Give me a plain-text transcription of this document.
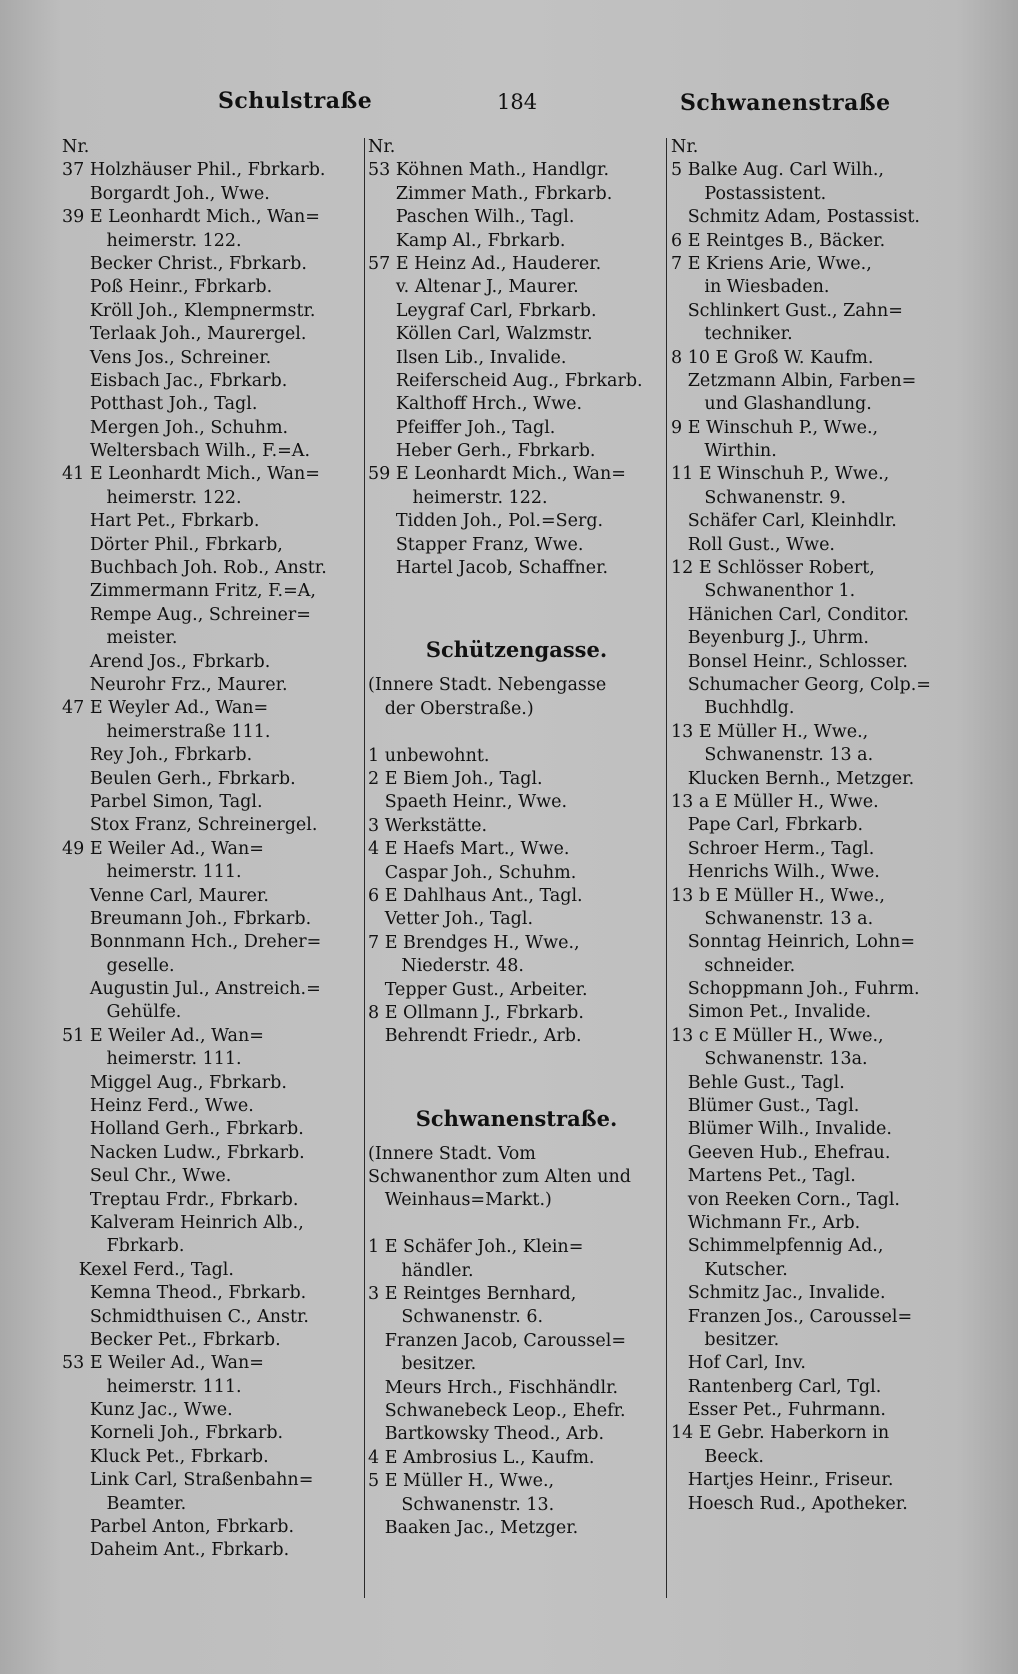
Schulstraße	184	Schwanenstraße
Nr.
37 Holzhäuser Phil., Fbrkarb.
Borgardt Joh., Wwe.
39 E Leonhardt Mich., Wan=
heimerstr. 122.
Becker Christ., Fbrkarb.
Poß Heinr., Fbrkarb.
Kröll Joh., Klempnermstr.
Terlaak Joh., Maurergel.
Vens Jos., Schreiner.
Eisbach Jac., Fbrkarb.
Potthast Joh., Tagl.
Mergen Joh., Schuhm.
Weltersbach Wilh., F.=A.
41 E Leonhardt Mich., Wan=
heimerstr. 122.
Hart Pet., Fbrkarb.
Dörter Phil., Fbrkarb,
Buchbach Joh. Rob., Anstr.
Zimmermann Fritz, F.=A,
Rempe Aug., Schreiner=
meister.
Arend Jos., Fbrkarb.
Neurohr Frz., Maurer.
47 E Weyler Ad., Wan=
heimerstraße 111.
Rey Joh., Fbrkarb.
Beulen Gerh., Fbrkarb.
Parbel Simon, Tagl.
Stox Franz, Schreinergel.
49 E Weiler Ad., Wan=
heimerstr. 111.
Venne Carl, Maurer.
Breumann Joh., Fbrkarb.
Bonnmann Hch., Dreher=
geselle.
Augustin Jul., Anstreich.=
Gehülfe.
51 E Weiler Ad., Wan=
heimerstr. 111.
Miggel Aug., Fbrkarb.
Heinz Ferd., Wwe.
Holland Gerh., Fbrkarb.
Nacken Ludw., Fbrkarb.
Seul Chr., Wwe.
Treptau Frdr., Fbrkarb.
Kalveram Heinrich Alb.,
Fbrkarb.
Kexel Ferd., Tagl.
Kemna Theod., Fbrkarb.
Schmidthuisen C., Anstr.
Becker Pet., Fbrkarb.
53 E Weiler Ad., Wan=
heimerstr. 111.
Kunz Jac., Wwe.
Korneli Joh., Fbrkarb.
Kluck Pet., Fbrkarb.
Link Carl, Straßenbahn=
Beamter.
Parbel Anton, Fbrkarb.
Daheim Ant., Fbrkarb.
Nr.
53 Köhnen Math., Handlgr.
Zimmer Math., Fbrkarb.
Paschen Wilh., Tagl.
Kamp Al., Fbrkarb.
57 E Heinz Ad., Hauderer.
v. Altenar J., Maurer.
Leygraf Carl, Fbrkarb.
Köllen Carl, Walzmstr.
Ilsen Lib., Invalide.
Reiferscheid Aug., Fbrkarb.
Kalthoff Hrch., Wwe.
Pfeiffer Joh., Tagl.
Heber Gerh., Fbrkarb.
59 E Leonhardt Mich., Wan=
heimerstr. 122.
Tidden Joh., Pol.=Serg.
Stapper Franz, Wwe.
Hartel Jacob, Schaffner.
Schützengasse.
(Innere Stadt. Nebengasse
der Oberstraße.)
1 unbewohnt.
2 E Biem Joh., Tagl.
Spaeth Heinr., Wwe.
3 Werkstätte.
4 E Haefs Mart., Wwe.
Caspar Joh., Schuhm.
6 E Dahlhaus Ant., Tagl.
Vetter Joh., Tagl.
7 E Brendges H., Wwe.,
Niederstr. 48.
Tepper Gust., Arbeiter.
8 E Ollmann J., Fbrkarb.
Behrendt Friedr., Arb.
Schwanenstraße.
(Innere Stadt. Vom
Schwanenthor zum Alten und
Weinhaus=Markt.)
1 E Schäfer Joh., Klein=
händler.
3 E Reintges Bernhard,
Schwanenstr. 6.
Franzen Jacob, Caroussel=
besitzer.
Meurs Hrch., Fischhändlr.
Schwanebeck Leop., Ehefr.
Bartkowsky Theod., Arb.
4 E Ambrosius L., Kaufm.
5 E Müller H., Wwe.,
Schwanenstr. 13.
Baaken Jac., Metzger.
Nr.
5 Balke Aug. Carl Wilh.,
Postassistent.
Schmitz Adam, Postassist.
6 E Reintges B., Bäcker.
7 E Kriens Arie, Wwe.,
in Wiesbaden.
Schlinkert Gust., Zahn=
techniker.
8 10 E Groß W. Kaufm.
Zetzmann Albin, Farben=
und Glashandlung.
9 E Winschuh P., Wwe.,
Wirthin.
11 E Winschuh P., Wwe.,
Schwanenstr. 9.
Schäfer Carl, Kleinhdlr.
Roll Gust., Wwe.
12 E Schlösser Robert,
Schwanenthor 1.
Hänichen Carl, Conditor.
Beyenburg J., Uhrm.
Bonsel Heinr., Schlosser.
Schumacher Georg, Colp.=
Buchhdlg.
13 E Müller H., Wwe.,
Schwanenstr. 13 a.
Klucken Bernh., Metzger.
13 a E Müller H., Wwe.
Pape Carl, Fbrkarb.
Schroer Herm., Tagl.
Henrichs Wilh., Wwe.
13 b E Müller H., Wwe.,
Schwanenstr. 13 a.
Sonntag Heinrich, Lohn=
schneider.
Schoppmann Joh., Fuhrm.
Simon Pet., Invalide.
13 c E Müller H., Wwe.,
Schwanenstr. 13a.
Behle Gust., Tagl.
Blümer Gust., Tagl.
Blümer Wilh., Invalide.
Geeven Hub., Ehefrau.
Martens Pet., Tagl.
von Reeken Corn., Tagl.
Wichmann Fr., Arb.
Schimmelpfennig Ad.,
Kutscher.
Schmitz Jac., Invalide.
Franzen Jos., Caroussel=
besitzer.
Hof Carl, Inv.
Rantenberg Carl, Tgl.
Esser Pet., Fuhrmann.
14 E Gebr. Haberkorn in
Beeck.
Hartjes Heinr., Friseur.
Hoesch Rud., Apotheker.
